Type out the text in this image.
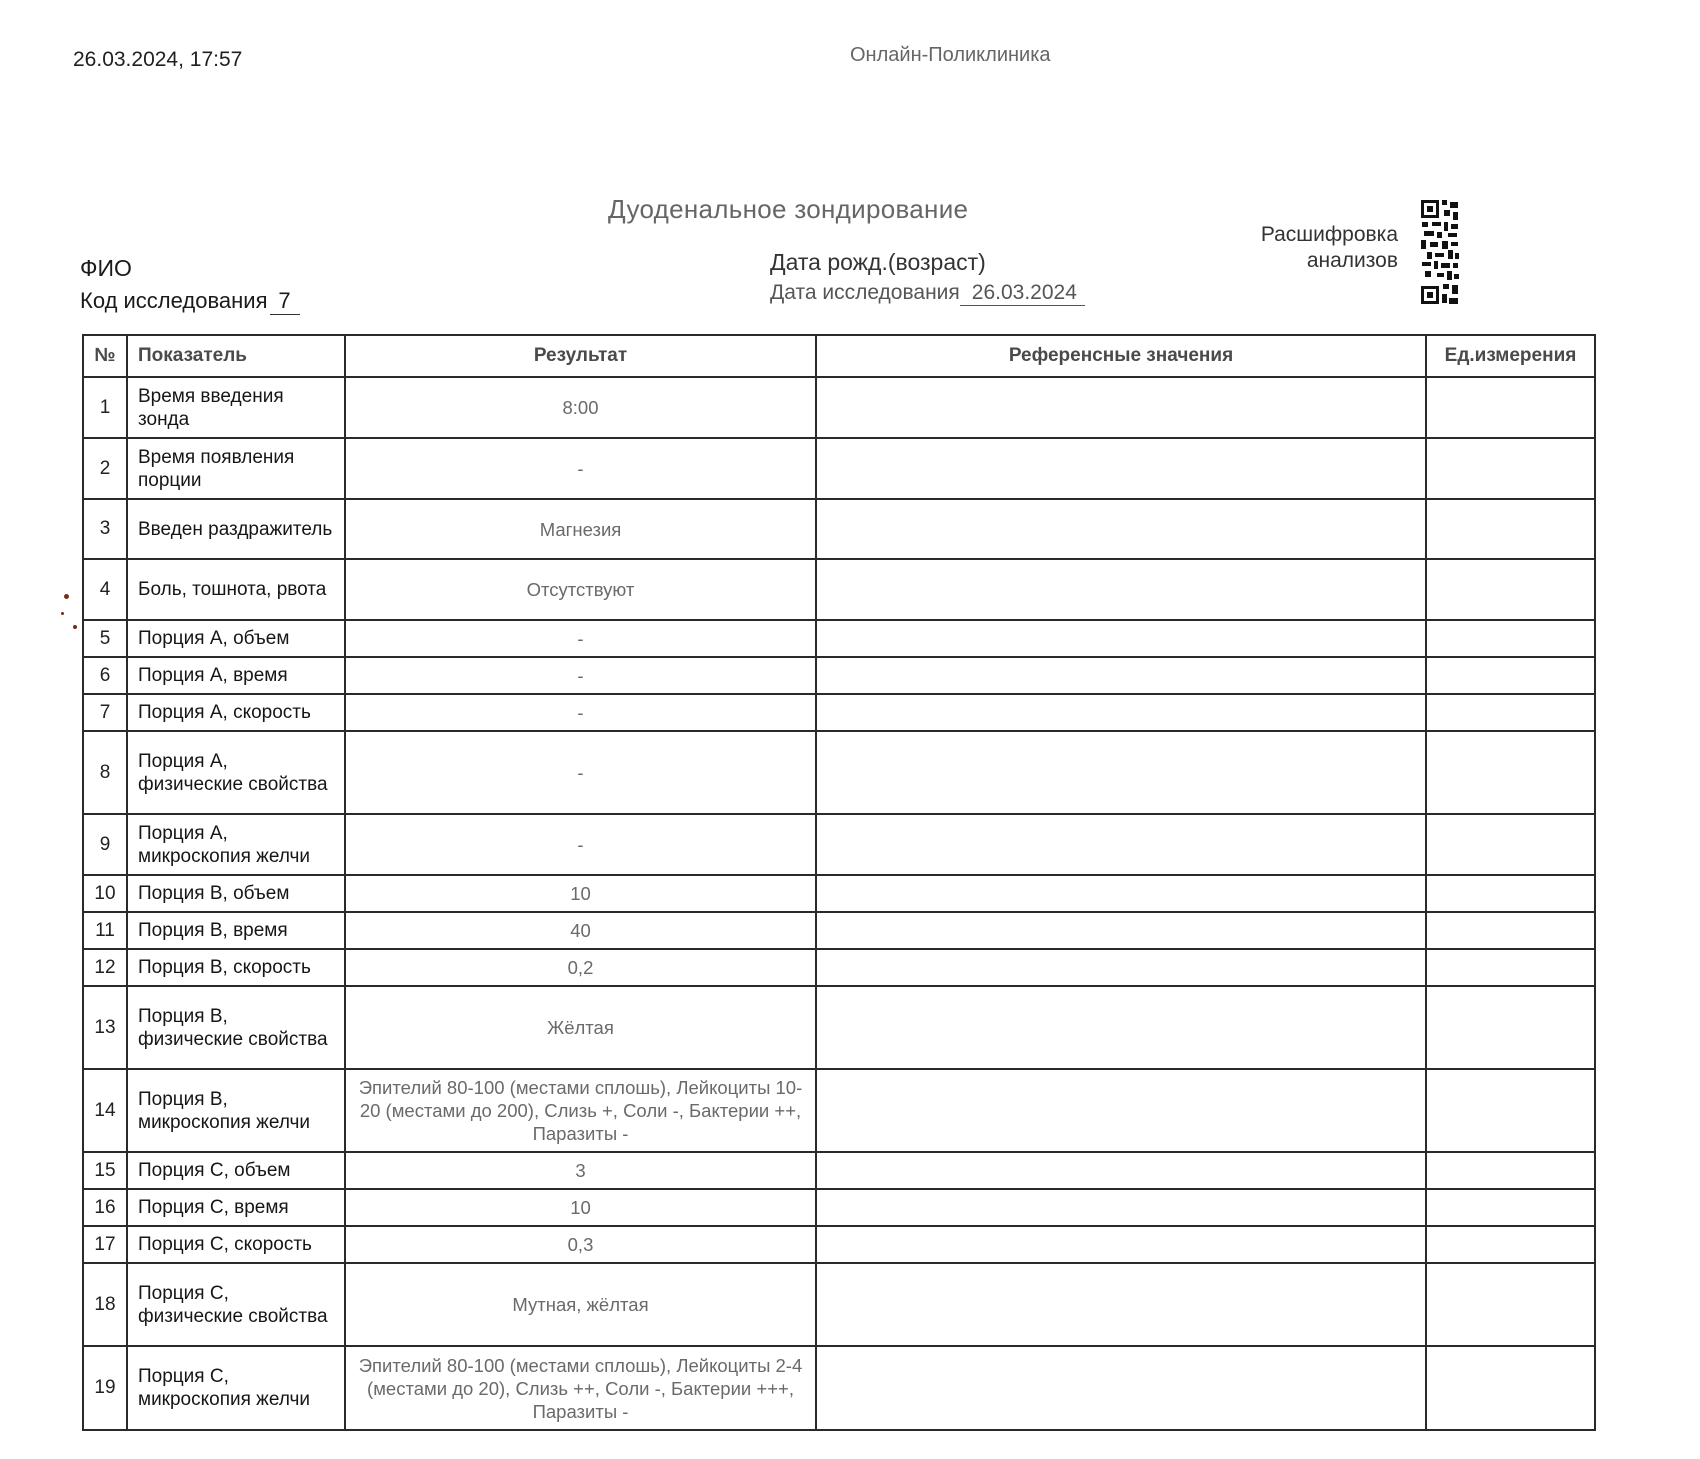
26.03.2024, 17:57	Онлайн-Поликлиника
Дуоденальное зондирование
ФИО
Код исследования 7
Дата рожд.(возраст)
Дата исследования 26.03.2024
Расшифровка анализов
№	Показатель	Результат	Референсные значения	Ед.измерения
1	Время введения зонда	8:00		
2	Время появления порции	-		
3	Введен раздражитель	Магнезия		
4	Боль, тошнота, рвота	Отсутствуют		
5	Порция А, объем	-		
6	Порция А, время	-		
7	Порция А, скорость	-		
8	Порция А, физические свойства	-		
9	Порция А, микроскопия желчи	-		
10	Порция В, объем	10		
11	Порция В, время	40		
12	Порция В, скорость	0,2		
13	Порция В, физические свойства	Жёлтая		
14	Порция В, микроскопия желчи	Эпителий 80-100 (местами сплошь), Лейкоциты 10-20 (местами до 200), Слизь +, Соли -, Бактерии ++, Паразиты -		
15	Порция С, объем	3		
16	Порция С, время	10		
17	Порция С, скорость	0,3		
18	Порция С, физические свойства	Мутная, жёлтая		
19	Порция С, микроскопия желчи	Эпителий 80-100 (местами сплошь), Лейкоциты 2-4 (местами до 20), Слизь ++, Соли -, Бактерии +++, Паразиты -		
